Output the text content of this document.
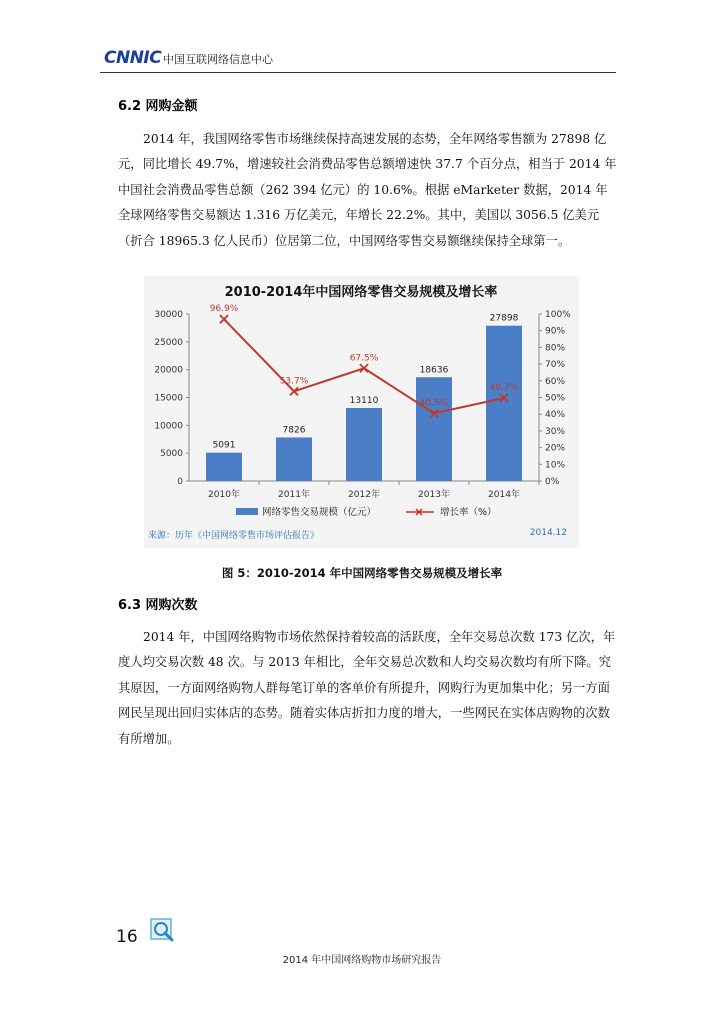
CNNIC 中国互联网络信息中心
6.2 网购金额
2014 年，我国网络零售市场继续保持高速发展的态势，全年网络零售额为 27898 亿元，同比增长 49.7%，增速较社会消费品零售总额增速快 37.7 个百分点，相当于 2014 年中国社会消费品零售总额（262 394 亿元）的 10.6%。根据 eMarketer 数据，2014 年全球网络零售交易额达 1.316 万亿美元，年增长 22.2%。其中，美国以 3056.5 亿美元（折合 18965.3 亿人民币）位居第二位，中国网络零售交易额继续保持全球第一。
2010-2014年中国网络零售交易规模及增长率
0
5000
10000
15000
20000
25000
30000
0%
10%
20%
30%
40%
50%
60%
70%
80%
90%
100%
5091
2010年
7826
2011年
13110
2012年
18636
2013年
27898
2014年
96.9%
53.7%
67.5%
40.5%
49.7%
网络零售交易规模（亿元）	增长率（%）
来源：历年《中国网络零售市场评估报告》	2014.12
图 5：2010-2014 年中国网络零售交易规模及增长率
6.3 网购次数
2014 年，中国网络购物市场依然保持着较高的活跃度，全年交易总次数 173 亿次，年度人均交易次数 48 次。与 2013 年相比，全年交易总次数和人均交易次数均有所下降。究其原因，一方面网络购物人群每笔订单的客单价有所提升，网购行为更加集中化；另一方面网民呈现出回归实体店的态势。随着实体店折扣力度的增大，一些网民在实体店购物的次数有所增加。
16
2014 年中国网络购物市场研究报告
